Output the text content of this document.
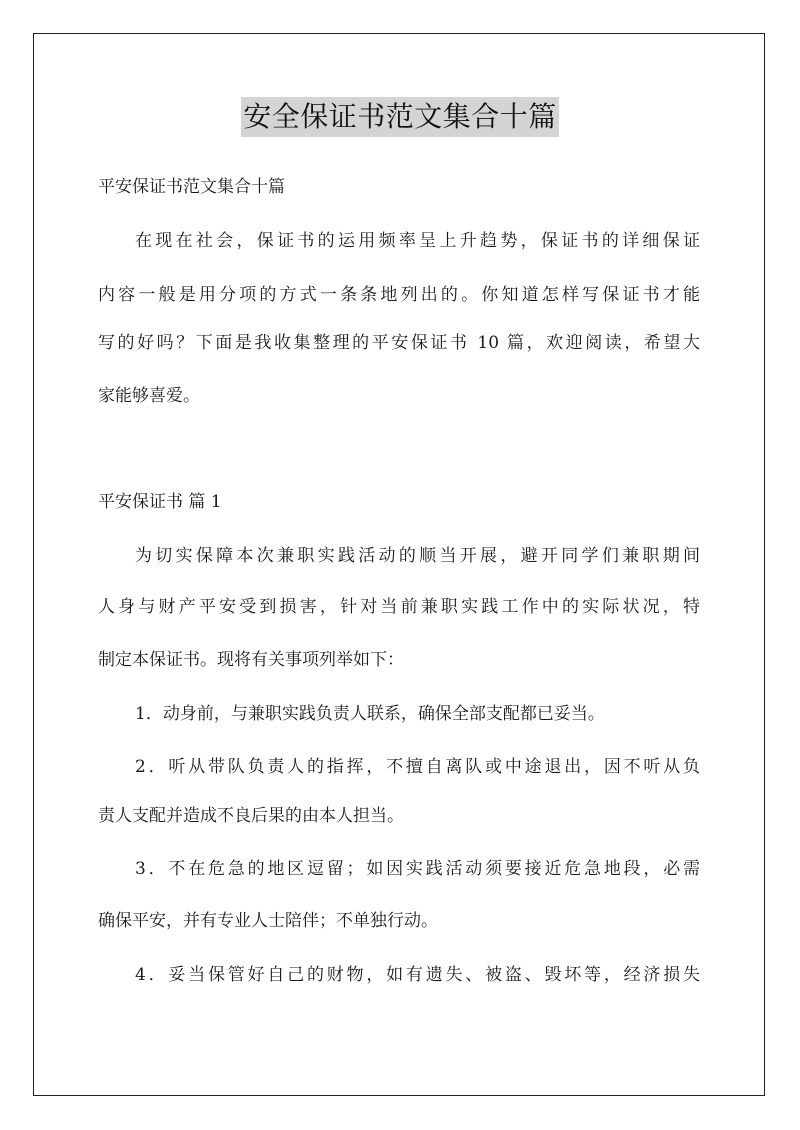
安全保证书范文集合十篇
平安保证书范文集合十篇
在现在社会，保证书的运用频率呈上升趋势，保证书的详细保证
内容一般是用分项的方式一条条地列出的。你知道怎样写保证书才能
写的好吗？下面是我收集整理的平安保证书 10 篇，欢迎阅读，希望大
家能够喜爱。
平安保证书 篇 1
为切实保障本次兼职实践活动的顺当开展，避开同学们兼职期间
人身与财产平安受到损害，针对当前兼职实践工作中的实际状况，特
制定本保证书。现将有关事项列举如下：
1．动身前，与兼职实践负责人联系，确保全部支配都已妥当。
2．听从带队负责人的指挥，不擅自离队或中途退出，因不听从负
责人支配并造成不良后果的由本人担当。
3．不在危急的地区逗留；如因实践活动须要接近危急地段，必需
确保平安，并有专业人士陪伴；不单独行动。
4．妥当保管好自己的财物，如有遗失、被盗、毁坏等，经济损失
